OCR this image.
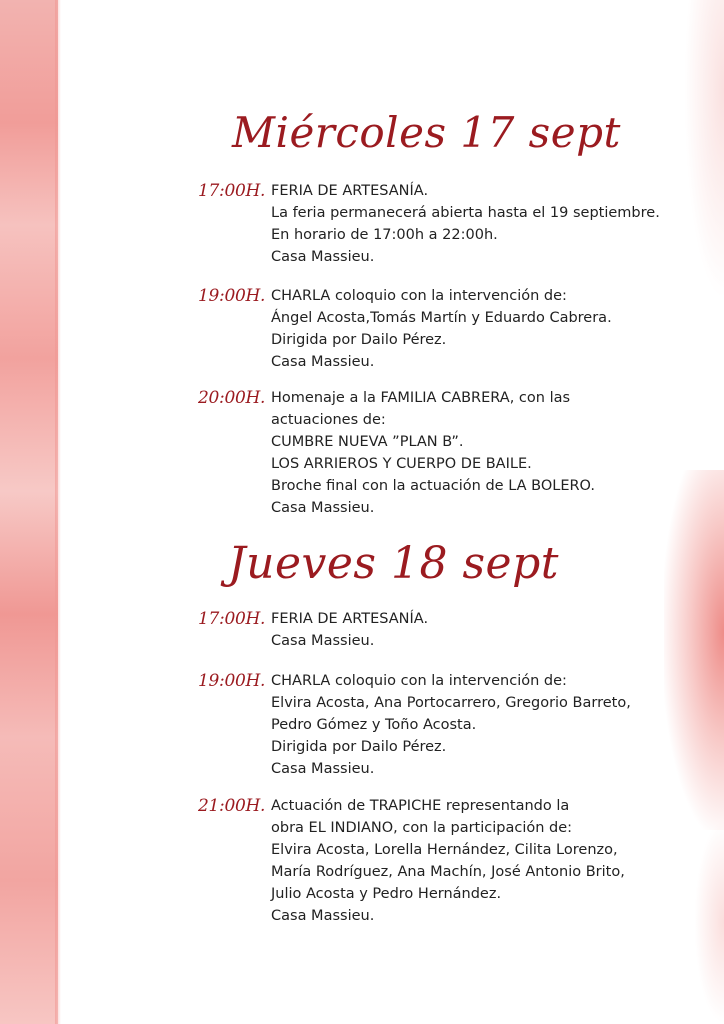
Miércoles 17 sept
17:00H. FERIA DE ARTESANÍA.
La feria permanecerá abierta hasta el 19 septiembre.
En horario de 17:00h a 22:00h.
Casa Massieu.
19:00H. CHARLA coloquio con la intervención de:
Ángel Acosta,Tomás Martín y Eduardo Cabrera.
Dirigida por Dailo Pérez.
Casa Massieu.
20:00H. Homenaje a la FAMILIA CABRERA, con las
actuaciones de:
CUMBRE NUEVA ”PLAN B”.
LOS ARRIEROS Y CUERPO DE BAILE.
Broche final con la actuación de LA BOLERO.
Casa Massieu.
Jueves 18 sept
17:00H. FERIA DE ARTESANÍA.
Casa Massieu.
19:00H. CHARLA coloquio con la intervención de:
Elvira Acosta, Ana Portocarrero, Gregorio Barreto,
Pedro Gómez y Toño Acosta.
Dirigida por Dailo Pérez.
Casa Massieu.
21:00H. Actuación de TRAPICHE representando la
obra EL INDIANO, con la participación de:
Elvira Acosta, Lorella Hernández, Cilita Lorenzo,
María Rodríguez, Ana Machín, José Antonio Brito,
Julio Acosta y Pedro Hernández.
Casa Massieu.
